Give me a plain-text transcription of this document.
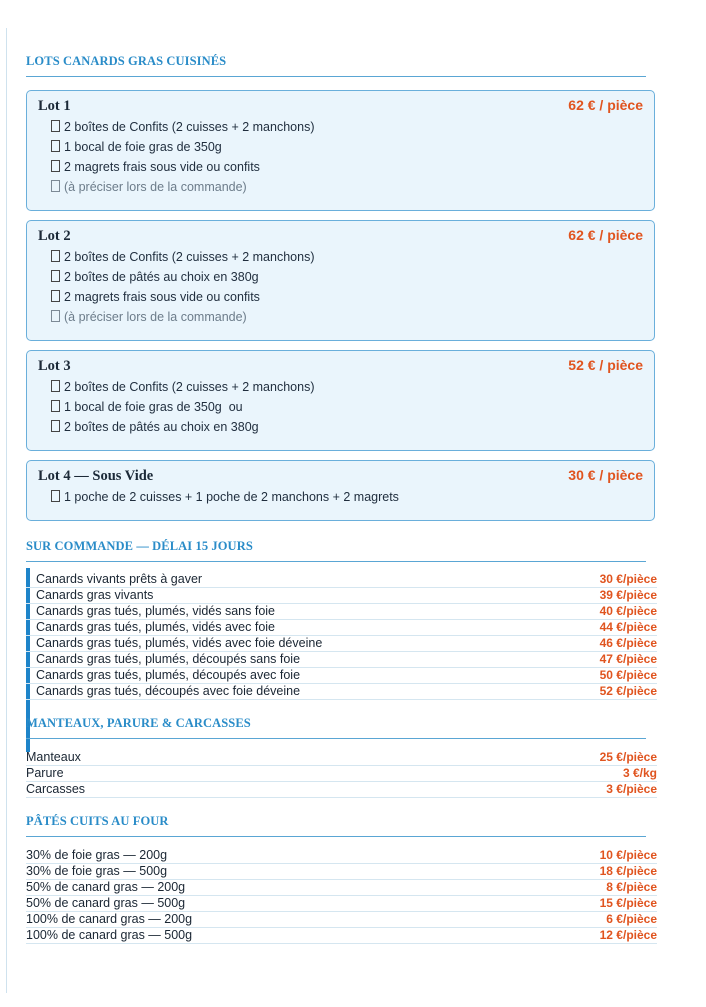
LOTS CANARDS GRAS CUISINÉS
Lot 1	62 € / pièce
2 boîtes de Confits (2 cuisses + 2 manchons)
1 bocal de foie gras de 350g
2 magrets frais sous vide ou confits
(à préciser lors de la commande)
Lot 2	62 € / pièce
2 boîtes de Confits (2 cuisses + 2 manchons)
2 boîtes de pâtés au choix en 380g
2 magrets frais sous vide ou confits
(à préciser lors de la commande)
Lot 3	52 € / pièce
2 boîtes de Confits (2 cuisses + 2 manchons)
1 bocal de foie gras de 350g  ou
2 boîtes de pâtés au choix en 380g
Lot 4 — Sous Vide	30 € / pièce
1 poche de 2 cuisses + 1 poche de 2 manchons + 2 magrets
SUR COMMANDE — DÉLAI 15 JOURS
Canards vivants prêts à gaver	30 €/pièce
Canards gras vivants	39 €/pièce
Canards gras tués, plumés, vidés sans foie	40 €/pièce
Canards gras tués, plumés, vidés avec foie	44 €/pièce
Canards gras tués, plumés, vidés avec foie déveine	46 €/pièce
Canards gras tués, plumés, découpés sans foie	47 €/pièce
Canards gras tués, plumés, découpés avec foie	50 €/pièce
Canards gras tués, découpés avec foie déveine	52 €/pièce
MANTEAUX, PARURE & CARCASSES
Manteaux	25 €/pièce
Parure	3 €/kg
Carcasses	3 €/pièce
PÂTÉS CUITS AU FOUR
30% de foie gras — 200g	10 €/pièce
30% de foie gras — 500g	18 €/pièce
50% de canard gras — 200g	8 €/pièce
50% de canard gras — 500g	15 €/pièce
100% de canard gras — 200g	6 €/pièce
100% de canard gras — 500g	12 €/pièce
